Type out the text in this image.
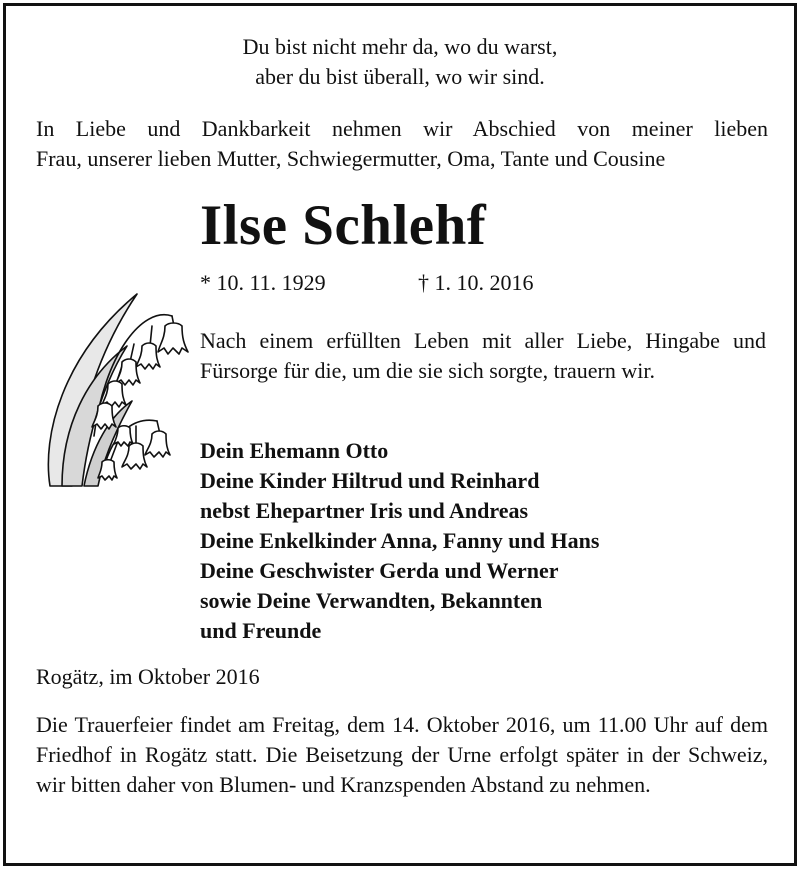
Du bist nicht mehr da, wo du warst,
aber du bist überall, wo wir sind.
In Liebe und Dankbarkeit nehmen wir Abschied von meiner lieben
Frau, unserer lieben Mutter, Schwiegermutter, Oma, Tante und Cousine
Ilse Schlehf
* 10. 11. 1929	† 1. 10. 2016
Nach einem erfüllten Leben mit aller Liebe, Hingabe und Fürsorge für die, um die sie sich sorgte, trauern wir.
Dein Ehemann Otto
Deine Kinder Hiltrud und Reinhard
nebst Ehepartner Iris und Andreas
Deine Enkelkinder Anna, Fanny und Hans
Deine Geschwister Gerda und Werner
sowie Deine Verwandten, Bekannten
und Freunde
Rogätz, im Oktober 2016
Die Trauerfeier findet am Freitag, dem 14. Oktober 2016, um 11.00 Uhr auf dem Friedhof in Rogätz statt. Die Beisetzung der Urne erfolgt später in der Schweiz, wir bitten daher von Blumen- und Kranzspenden Abstand zu nehmen.
